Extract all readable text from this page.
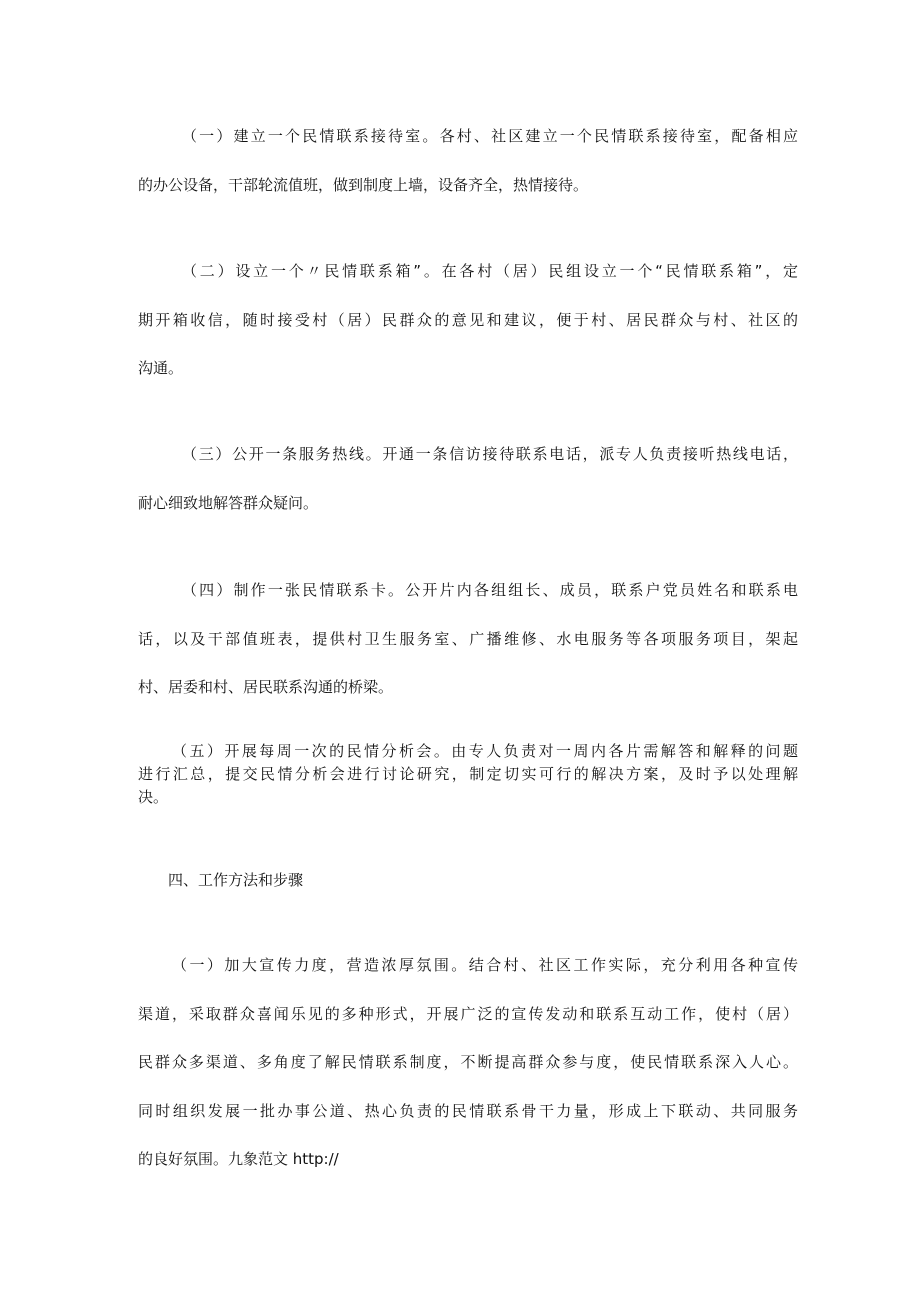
（一）建立一个民情联系接待室。各村、社区建立一个民情联系接待室，配备相应

的办公设备，干部轮流值班，做到制度上墙，设备齐全，热情接待。

（二）设立一个〃民情联系箱”。在各村（居）民组设立一个“民情联系箱”，定

期开箱收信，随时接受村（居）民群众的意见和建议，便于村、居民群众与村、社区的

沟通。

（三）公开一条服务热线。开通一条信访接待联系电话，派专人负责接听热线电话，

耐心细致地解答群众疑问。

（四）制作一张民情联系卡。公开片内各组组长、成员，联系户党员姓名和联系电

话，以及干部值班表，提供村卫生服务室、广播维修、水电服务等各项服务项目，架起

村、居委和村、居民联系沟通的桥梁。

（五）开展每周一次的民情分析会。由专人负责对一周内各片需解答和解释的问题

进行汇总，提交民情分析会进行讨论研究，制定切实可行的解决方案，及时予以处理解

决。

四、工作方法和步骤

（一）加大宣传力度，营造浓厚氛围。结合村、社区工作实际，充分利用各种宣传

渠道，采取群众喜闻乐见的多种形式，开展广泛的宣传发动和联系互动工作，使村（居）

民群众多渠道、多角度了解民情联系制度，不断提高群众参与度，使民情联系深入人心。

同时组织发展一批办事公道、热心负责的民情联系骨干力量，形成上下联动、共同服务

的良好氛围。九象范文 http://
